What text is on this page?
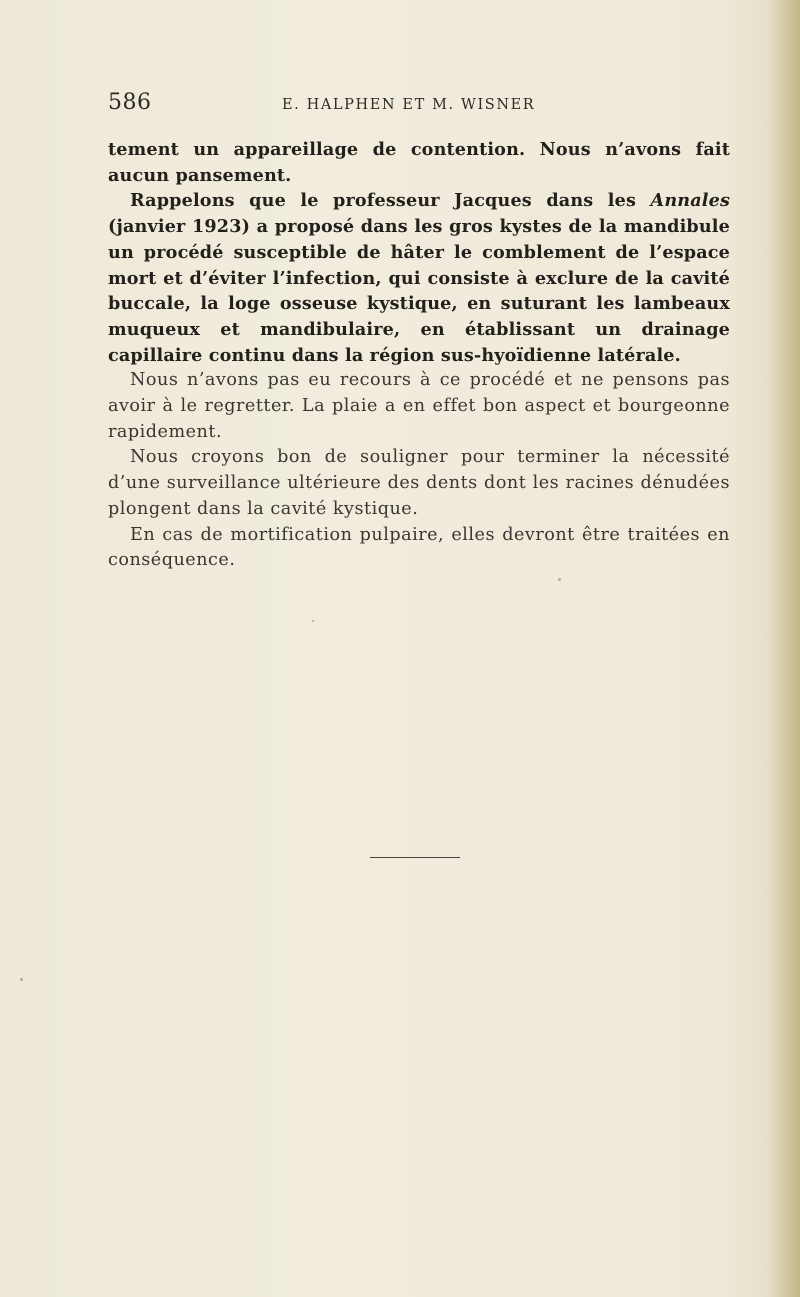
586	E. HALPHEN ET M. WISNER

tement un appareillage de contention. Nous n’avons fait aucun pansement.

Rappelons que le professeur Jacques dans les Annales (janvier 1923) a proposé dans les gros kystes de la mandibule un procédé susceptible de hâter le comblement de l’espace mort et d’éviter l’infection, qui consiste à exclure de la cavité buccale, la loge osseuse kystique, en suturant les lambeaux muqueux et mandibulaire, en établissant un drainage capillaire continu dans la région sus-hyoïdienne latérale.

Nous n’avons pas eu recours à ce procédé et ne pensons pas avoir à le regretter. La plaie a en effet bon aspect et bourgeonne rapidement.

Nous croyons bon de souligner pour terminer la nécessité d’une surveillance ultérieure des dents dont les racines dénudées plongent dans la cavité kystique.

En cas de mortification pulpaire, elles devront être traitées en conséquence.
